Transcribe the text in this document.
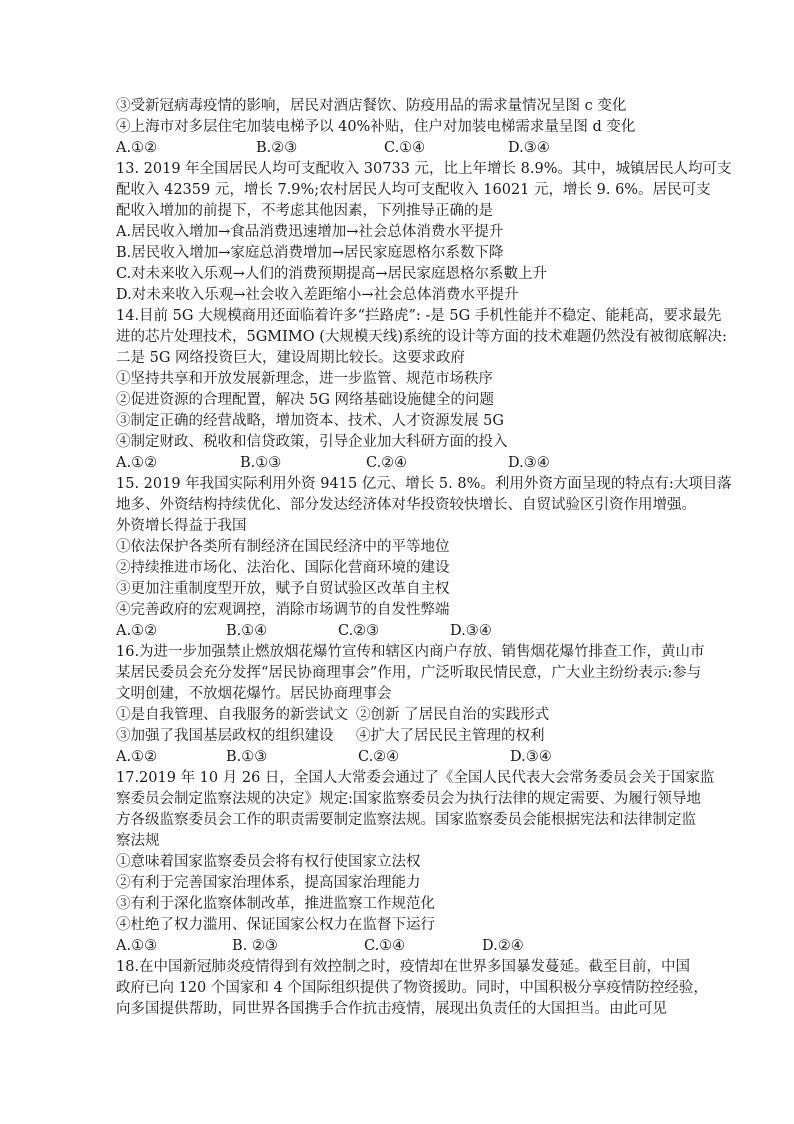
③受新冠病毒疫情的影响，居民对酒店餐饮、防疫用品的需求量情况呈图 c 变化
④上海市对多层住宅加装电梯予以 40%补贴，住户对加装电梯需求量呈图 d 变化
A.①②	B.②③	C.①④	D.③④
13. 2019 年全国居民人均可支配收入 30733 元，比上年增长 8.9%。其中，城镇居民人均可支
配收入 42359 元，增长 7.9%;农村居民人均可支配收入 16021 元，增长 9. 6%。居民可支
配收入增加的前提下，不考虑其他因素，下列推导正确的是
A.居民收入增加→食品消费迅速增加→社会总体消费水平提升
B.居民收入增加→家庭总消费增加→居民家庭恩格尔系数下降
C.对未来收入乐观→人们的消费预期提高→居民家庭恩格尔系數上升
D.对未来收入乐观→社会收入差距缩小→社会总体消费水平提升
14.目前 5G 大规模商用还面临着许多“拦路虎”: -是 5G 手机性能并不稳定、能耗高，要求最先
进的芯片处理技术，5GMIMO (大规模天线)系统的设计等方面的技术难题仍然没有被彻底解决:
二是 5G 网络投资巨大，建设周期比较长。这要求政府
①坚持共享和开放发展新理念，进一步监管、规范市场秩序
②促进资源的合理配置，解决 5G 网络基础设施健全的问题
③制定正确的经营战略，增加资本、技术、人才资源发展 5G
④制定财政、税收和信贷政策，引导企业加大科研方面的投入
A.①②	B.①③	C.②④	D.③④
15. 2019 年我国实际利用外资 9415 亿元、增长 5. 8%。利用外资方面呈现的特点有:大项目落
地多、外资结构持续优化、部分发达经济体对华投资较快增长、自贸试验区引资作用增强。
外资增长得益于我国
①依法保护各类所有制经济在国民经济中的平等地位
②持续推进市场化、法治化、国际化营商环境的建设
③更加注重制度型开放，赋予自贸试验区改革自主权
④完善政府的宏观调控，消除市场调节的自发性弊端
A.①②	B.①④	C.②③	D.③④
16.为进一步加强禁止燃放烟花爆竹宣传和辖区内商户存放、销售烟花爆竹排查工作，黄山市
某居民委员会充分发挥“居民协商理事会”作用，广泛听取民情民意，广大业主纷纷表示:参与
文明创建，不放烟花爆竹。居民协商理事会
①是自我管理、自我服务的新尝试文 ②创新 了居民自治的实践形式
③加强了我国基层政权的组织建设 ④扩大了居民民主管理的权利
A.①②	B.①③	C.②④	D.③④
17.2019 年 10 月 26 日，全国人大常委会通过了《全国人民代表大会常务委员会关于国家监
察委员会制定监察法规的决定》规定:国家监察委员会为执行法律的规定需要、为履行领导地
方各级监察委员会工作的职责需要制定监察法规。国家监察委员会能根据宪法和法律制定监
察法规
①意味着国家监察委员会将有权行使国家立法权
②有利于完善国家治理体系，提高国家治理能力
③有利于深化监察体制改革，推进监察工作规范化
④杜绝了权力滥用、保证国家公权力在监督下运行
A.①③	B. ②③	C.①④	D.②④
18.在中国新冠肺炎疫情得到有效控制之时，疫情却在世界多国暴发蔓延。截至目前，中国
政府已向 120 个国家和 4 个国际组织提供了物资援助。同时，中国积极分享疫情防控经验，
向多国提供帮助，同世界各国携手合作抗击疫情，展现出负责任的大国担当。由此可见
